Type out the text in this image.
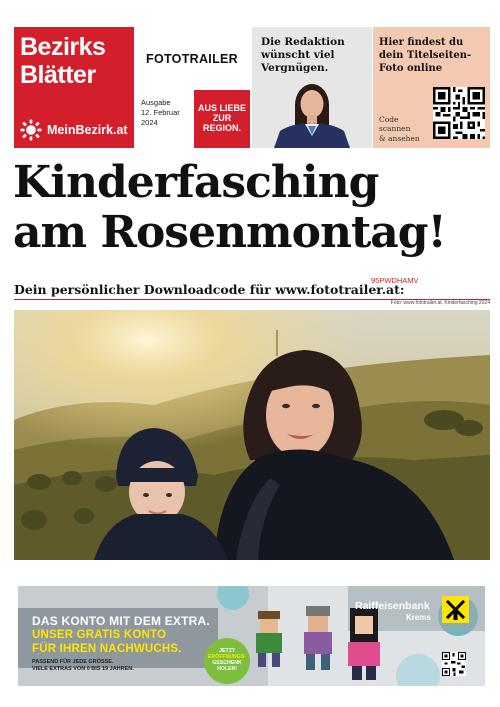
Bezirks
Blätter
MeinBezirk.at
FOTOTRAILER
Ausgabe
12. Februar
2024
AUS LIEBE ZUR REGION.
Die Redaktion wünscht viel Vergnügen.
Hier findest du dein Titelseiten-Foto online
Code
scannen
& ansehen
Kinderfasching
am Rosenmontag!
Dein persönlicher Downloadcode für www.fototrailer.at:
95PWDHAMV
Foto: www.fototrailer.at, Kinderfasching 2024
DAS KONTO MIT DEM EXTRA.
UNSER GRATIS KONTO
FÜR IHREN NACHWUCHS.
PASSEND FÜR JEDE GRÖSSE.
VIELE EXTRAS VON 0 BIS 19 JAHREN.
JETZT
ERÖFFNUNGS-
GESCHENK
HOLEN!
Raiffeisenbank
Krems
